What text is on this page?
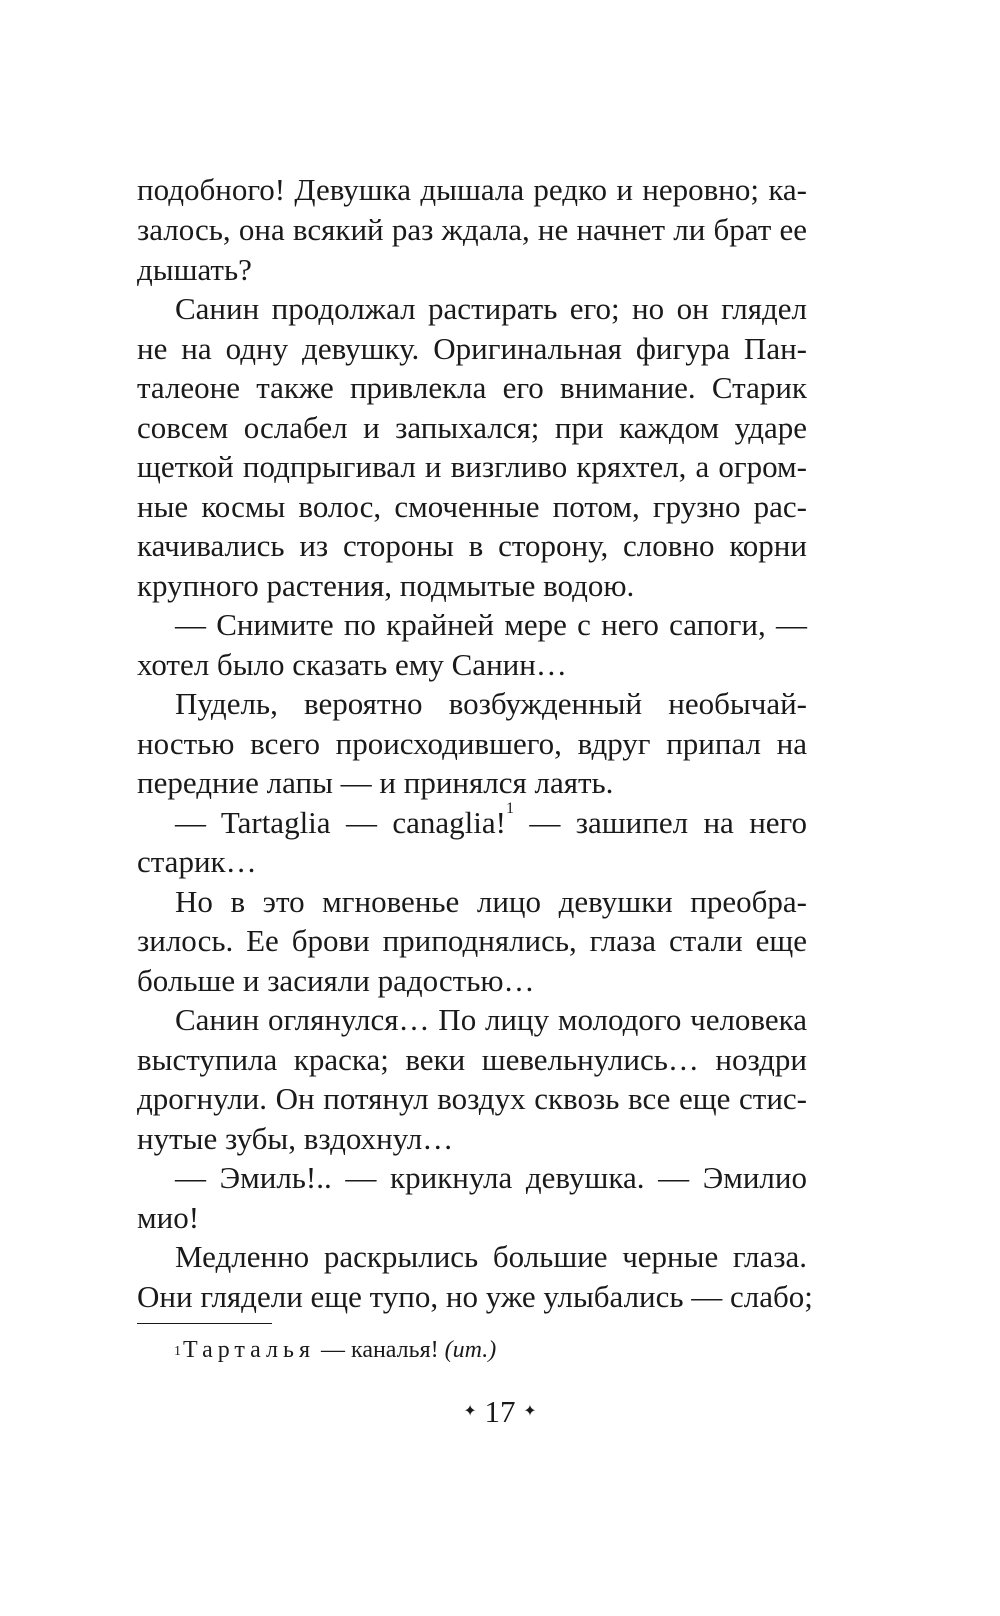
подобного! Девушка дышала редко и неровно; ка-
залось, она всякий раз ждала, не начнет ли брат ее
дышать?
Санин продолжал растирать его; но он глядел
не на одну девушку. Оригинальная фигура Пан-
талеоне также привлекла его внимание. Старик
совсем ослабел и запыхался; при каждом ударе
щеткой подпрыгивал и визгливо кряхтел, а огром-
ные космы волос, смоченные потом, грузно рас-
качивались из стороны в сторону, словно корни
крупного растения, подмытые водою.
— Снимите по крайней мере с него сапоги, —
хотел было сказать ему Санин…
Пудель, вероятно возбужденный необычай-
ностью всего происходившего, вдруг припал на
передние лапы — и принялся лаять.
— Tartaglia — canaglia!$^1$ — зашипел на него
старик…
Но в это мгновенье лицо девушки преобра-
зилось. Ее брови приподнялись, глаза стали еще
больше и засияли радостью…
Санин оглянулся… По лицу молодого человека
выступила краска; веки шевельнулись… ноздри
дрогнули. Он потянул воздух сквозь все еще стис-
нутые зубы, вздохнул…
— Эмиль!.. — крикнула девушка. — Эмилио
мио!
Медленно раскрылись большие черные глаза.
Они глядели еще тупо, но уже улыбались — слабо;
$^1$Тарталья — каналья! (ит.)
✦ 17 ✦
